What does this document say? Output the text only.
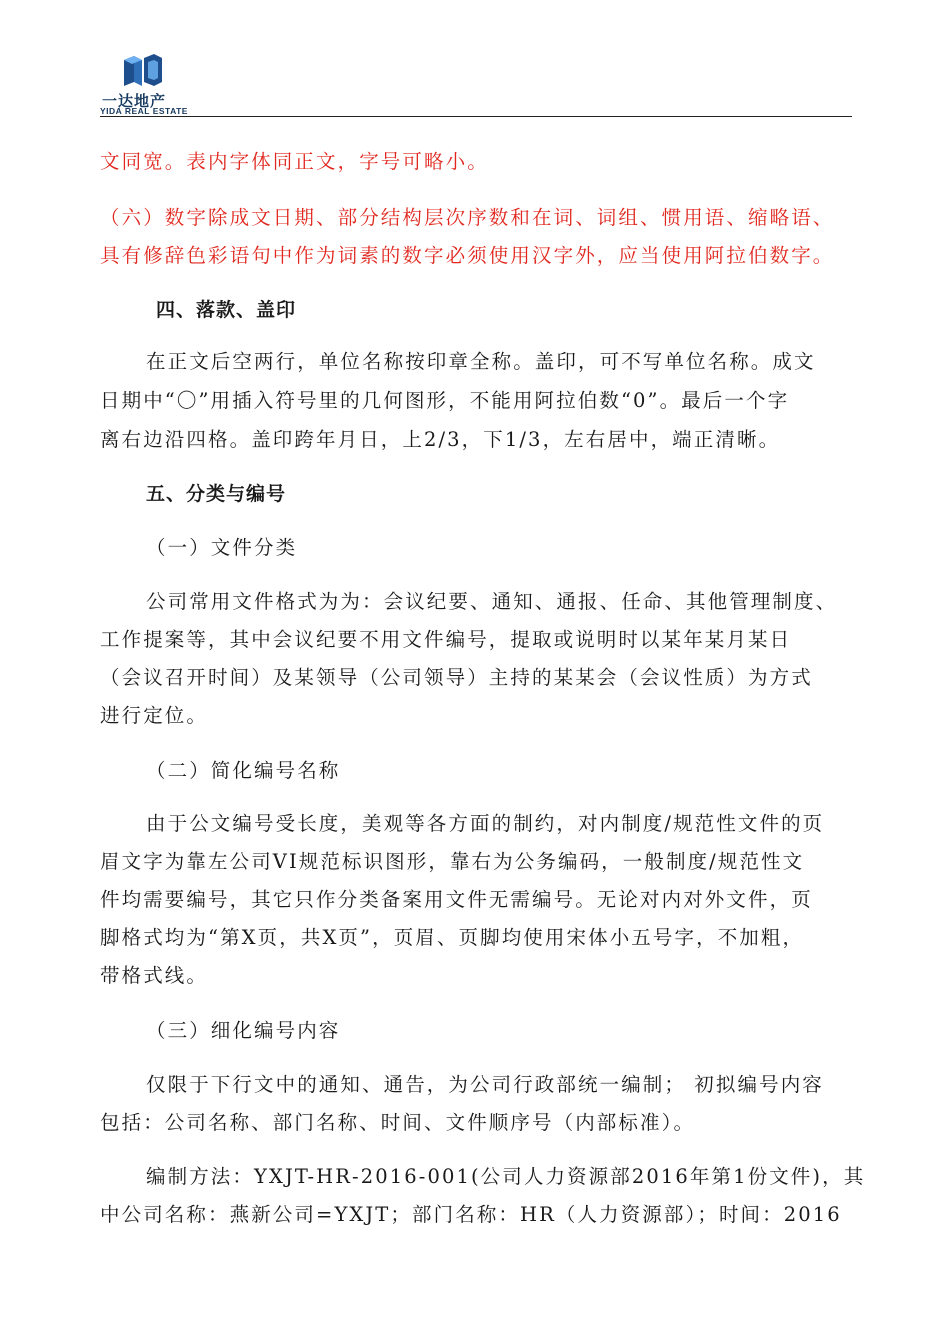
一达地产
YIDA REAL ESTATE
文同宽。表内字体同正文，字号可略小。
（六）数字除成文日期、部分结构层次序数和在词、词组、惯用语、缩略语、
具有修辞色彩语句中作为词素的数字必须使用汉字外，应当使用阿拉伯数字。
四、落款、盖印
在正文后空两行，单位名称按印章全称。盖印，可不写单位名称。成文
日期中“〇”用插入符号里的几何图形，不能用阿拉伯数“0”。最后一个字
离右边沿四格。盖印跨年月日，上2/3，下1/3，左右居中，端正清晰。
五、分类与编号
（一）文件分类
公司常用文件格式为为：会议纪要、通知、通报、任命、其他管理制度、
工作提案等，其中会议纪要不用文件编号，提取或说明时以某年某月某日
（会议召开时间）及某领导（公司领导）主持的某某会（会议性质）为方式
进行定位。
（二）简化编号名称
由于公文编号受长度，美观等各方面的制约，对内制度/规范性文件的页
眉文字为靠左公司VI规范标识图形，靠右为公务编码，一般制度/规范性文
件均需要编号，其它只作分类备案用文件无需编号。无论对内对外文件，页
脚格式均为“第X页，共X页”，页眉、页脚均使用宋体小五号字，不加粗，
带格式线。
（三）细化编号内容
仅限于下行文中的通知、通告，为公司行政部统一编制； 初拟编号内容
包括：公司名称、部门名称、时间、文件顺序号（内部标准）。
编制方法：YXJT-HR-2016-001(公司人力资源部2016年第1份文件)，其
中公司名称：燕新公司=YXJT；部门名称：HR（人力资源部）；时间：2016
